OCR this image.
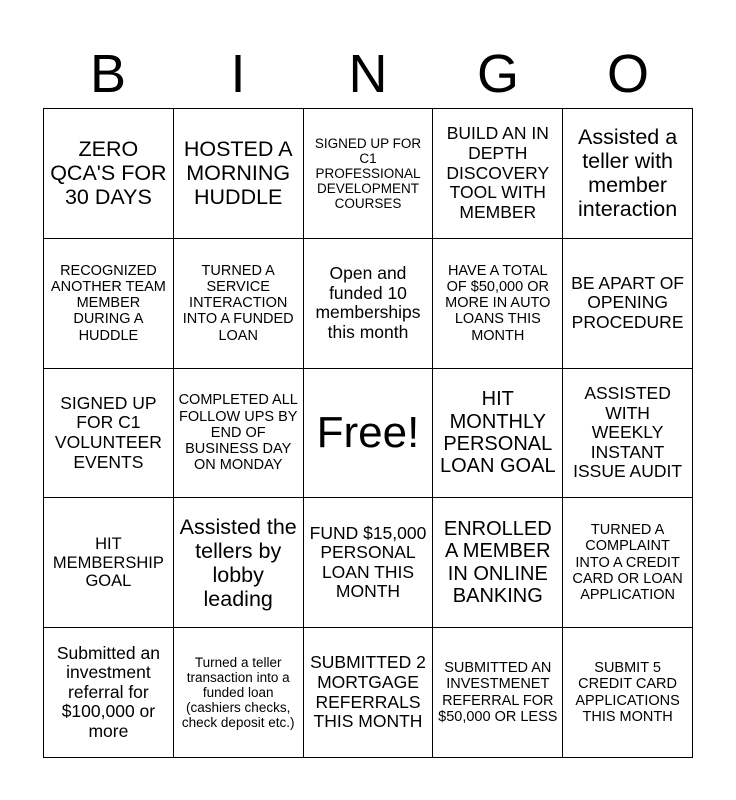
B	I	N	G	O
ZERO QCA'S FOR 30 DAYS
HOSTED A MORNING HUDDLE
SIGNED UP FOR C1 PROFESSIONAL DEVELOPMENT COURSES
BUILD AN IN DEPTH DISCOVERY TOOL WITH MEMBER
Assisted a teller with member interaction
RECOGNIZED ANOTHER TEAM MEMBER DURING A HUDDLE
TURNED A SERVICE INTERACTION INTO A FUNDED LOAN
Open and funded 10 memberships this month
HAVE A TOTAL OF $50,000 OR MORE IN AUTO LOANS THIS MONTH
BE APART OF OPENING PROCEDURE
SIGNED UP FOR C1 VOLUNTEER EVENTS
COMPLETED ALL FOLLOW UPS BY END OF BUSINESS DAY ON MONDAY
Free!
HIT MONTHLY PERSONAL LOAN GOAL
ASSISTED WITH WEEKLY INSTANT ISSUE AUDIT
HIT MEMBERSHIP GOAL
Assisted the tellers by lobby leading
FUND $15,000 PERSONAL LOAN THIS MONTH
ENROLLED A MEMBER IN ONLINE BANKING
TURNED A COMPLAINT INTO A CREDIT CARD OR LOAN APPLICATION
Submitted an investment referral for $100,000 or more
Turned a teller transaction into a funded loan (cashiers checks, check deposit etc.)
SUBMITTED 2 MORTGAGE REFERRALS THIS MONTH
SUBMITTED AN INVESTMENET REFERRAL FOR $50,000 OR LESS
SUBMIT 5 CREDIT CARD APPLICATIONS THIS MONTH
